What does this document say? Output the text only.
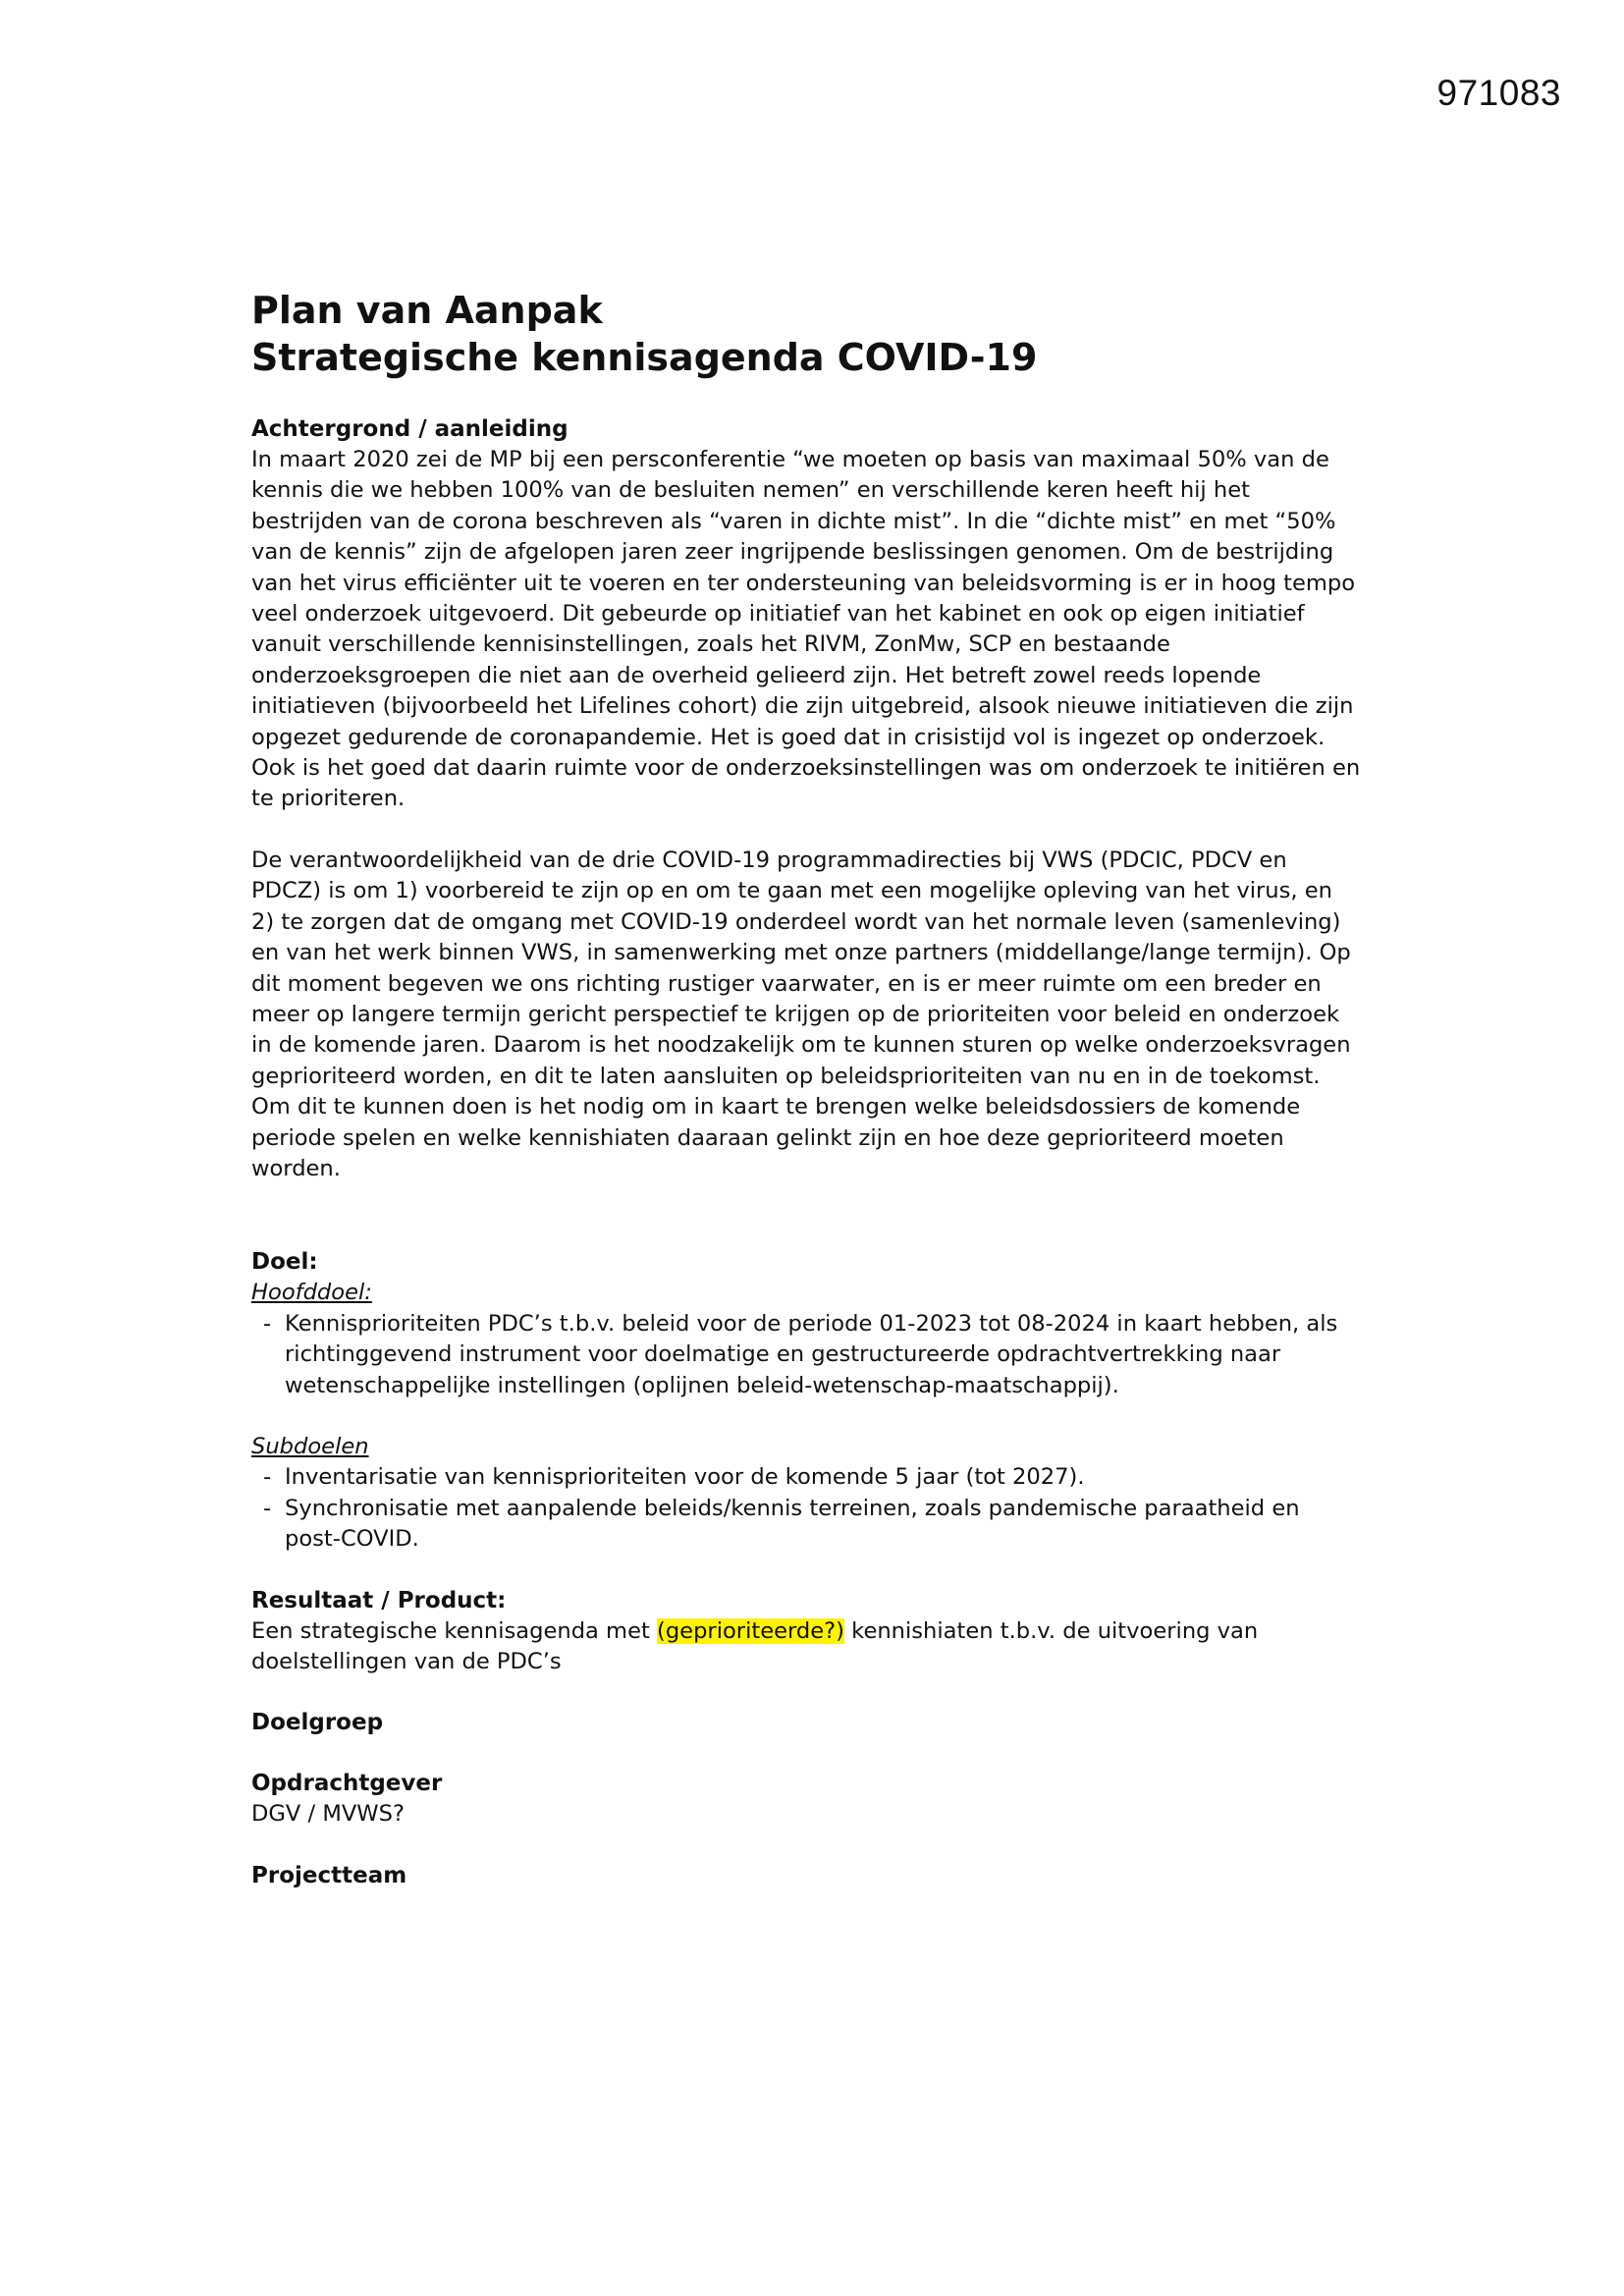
971083
Plan van Aanpak
Strategische kennisagenda COVID-19
Achtergrond / aanleiding

In maart 2020 zei de MP bij een persconferentie “we moeten op basis van maximaal 50% van de kennis die we hebben 100% van de besluiten nemen” en verschillende keren heeft hij het bestrijden van de corona beschreven als “varen in dichte mist”. In die “dichte mist” en met “50% van de kennis” zijn de afgelopen jaren zeer ingrijpende beslissingen genomen. Om de bestrijding van het virus efficiënter uit te voeren en ter ondersteuning van beleidsvorming is er in hoog tempo veel onderzoek uitgevoerd. Dit gebeurde op initiatief van het kabinet en ook op eigen initiatief vanuit verschillende kennisinstellingen, zoals het RIVM, ZonMw, SCP en bestaande onderzoeksgroepen die niet aan de overheid gelieerd zijn. Het betreft zowel reeds lopende initiatieven (bijvoorbeeld het Lifelines cohort) die zijn uitgebreid, alsook nieuwe initiatieven die zijn opgezet gedurende de coronapandemie. Het is goed dat in crisistijd vol is ingezet op onderzoek. Ook is het goed dat daarin ruimte voor de onderzoeksinstellingen was om onderzoek te initiëren en te prioriteren.

De verantwoordelijkheid van de drie COVID-19 programmadirecties bij VWS (PDCIC, PDCV en PDCZ) is om 1) voorbereid te zijn op en om te gaan met een mogelijke opleving van het virus, en 2) te zorgen dat de omgang met COVID-19 onderdeel wordt van het normale leven (samenleving) en van het werk binnen VWS, in samenwerking met onze partners (middellange/lange termijn). Op dit moment begeven we ons richting rustiger vaarwater, en is er meer ruimte om een breder en meer op langere termijn gericht perspectief te krijgen op de prioriteiten voor beleid en onderzoek in de komende jaren. Daarom is het noodzakelijk om te kunnen sturen op welke onderzoeksvragen geprioriteerd worden, en dit te laten aansluiten op beleidsprioriteiten van nu en in de toekomst. Om dit te kunnen doen is het nodig om in kaart te brengen welke beleidsdossiers de komende periode spelen en welke kennishiaten daaraan gelinkt zijn en hoe deze geprioriteerd moeten worden.

Doel:

Hoofddoel:

- Kennisprioriteiten PDC’s t.b.v. beleid voor de periode 01-2023 tot 08-2024 in kaart hebben, als richtinggevend instrument voor doelmatige en gestructureerde opdrachtvertrekking naar wetenschappelijke instellingen (oplijnen beleid-wetenschap-maatschappij).

Subdoelen

- Inventarisatie van kennisprioriteiten voor de komende 5 jaar (tot 2027).
- Synchronisatie met aanpalende beleids/kennis terreinen, zoals pandemische paraatheid en post-COVID.
Resultaat / Product:

Een strategische kennisagenda met (geprioriteerde?) kennishiaten t.b.v. de uitvoering van doelstellingen van de PDC’s

Doelgroep
Opdrachtgever

DGV / MVWS?

Projectteam
